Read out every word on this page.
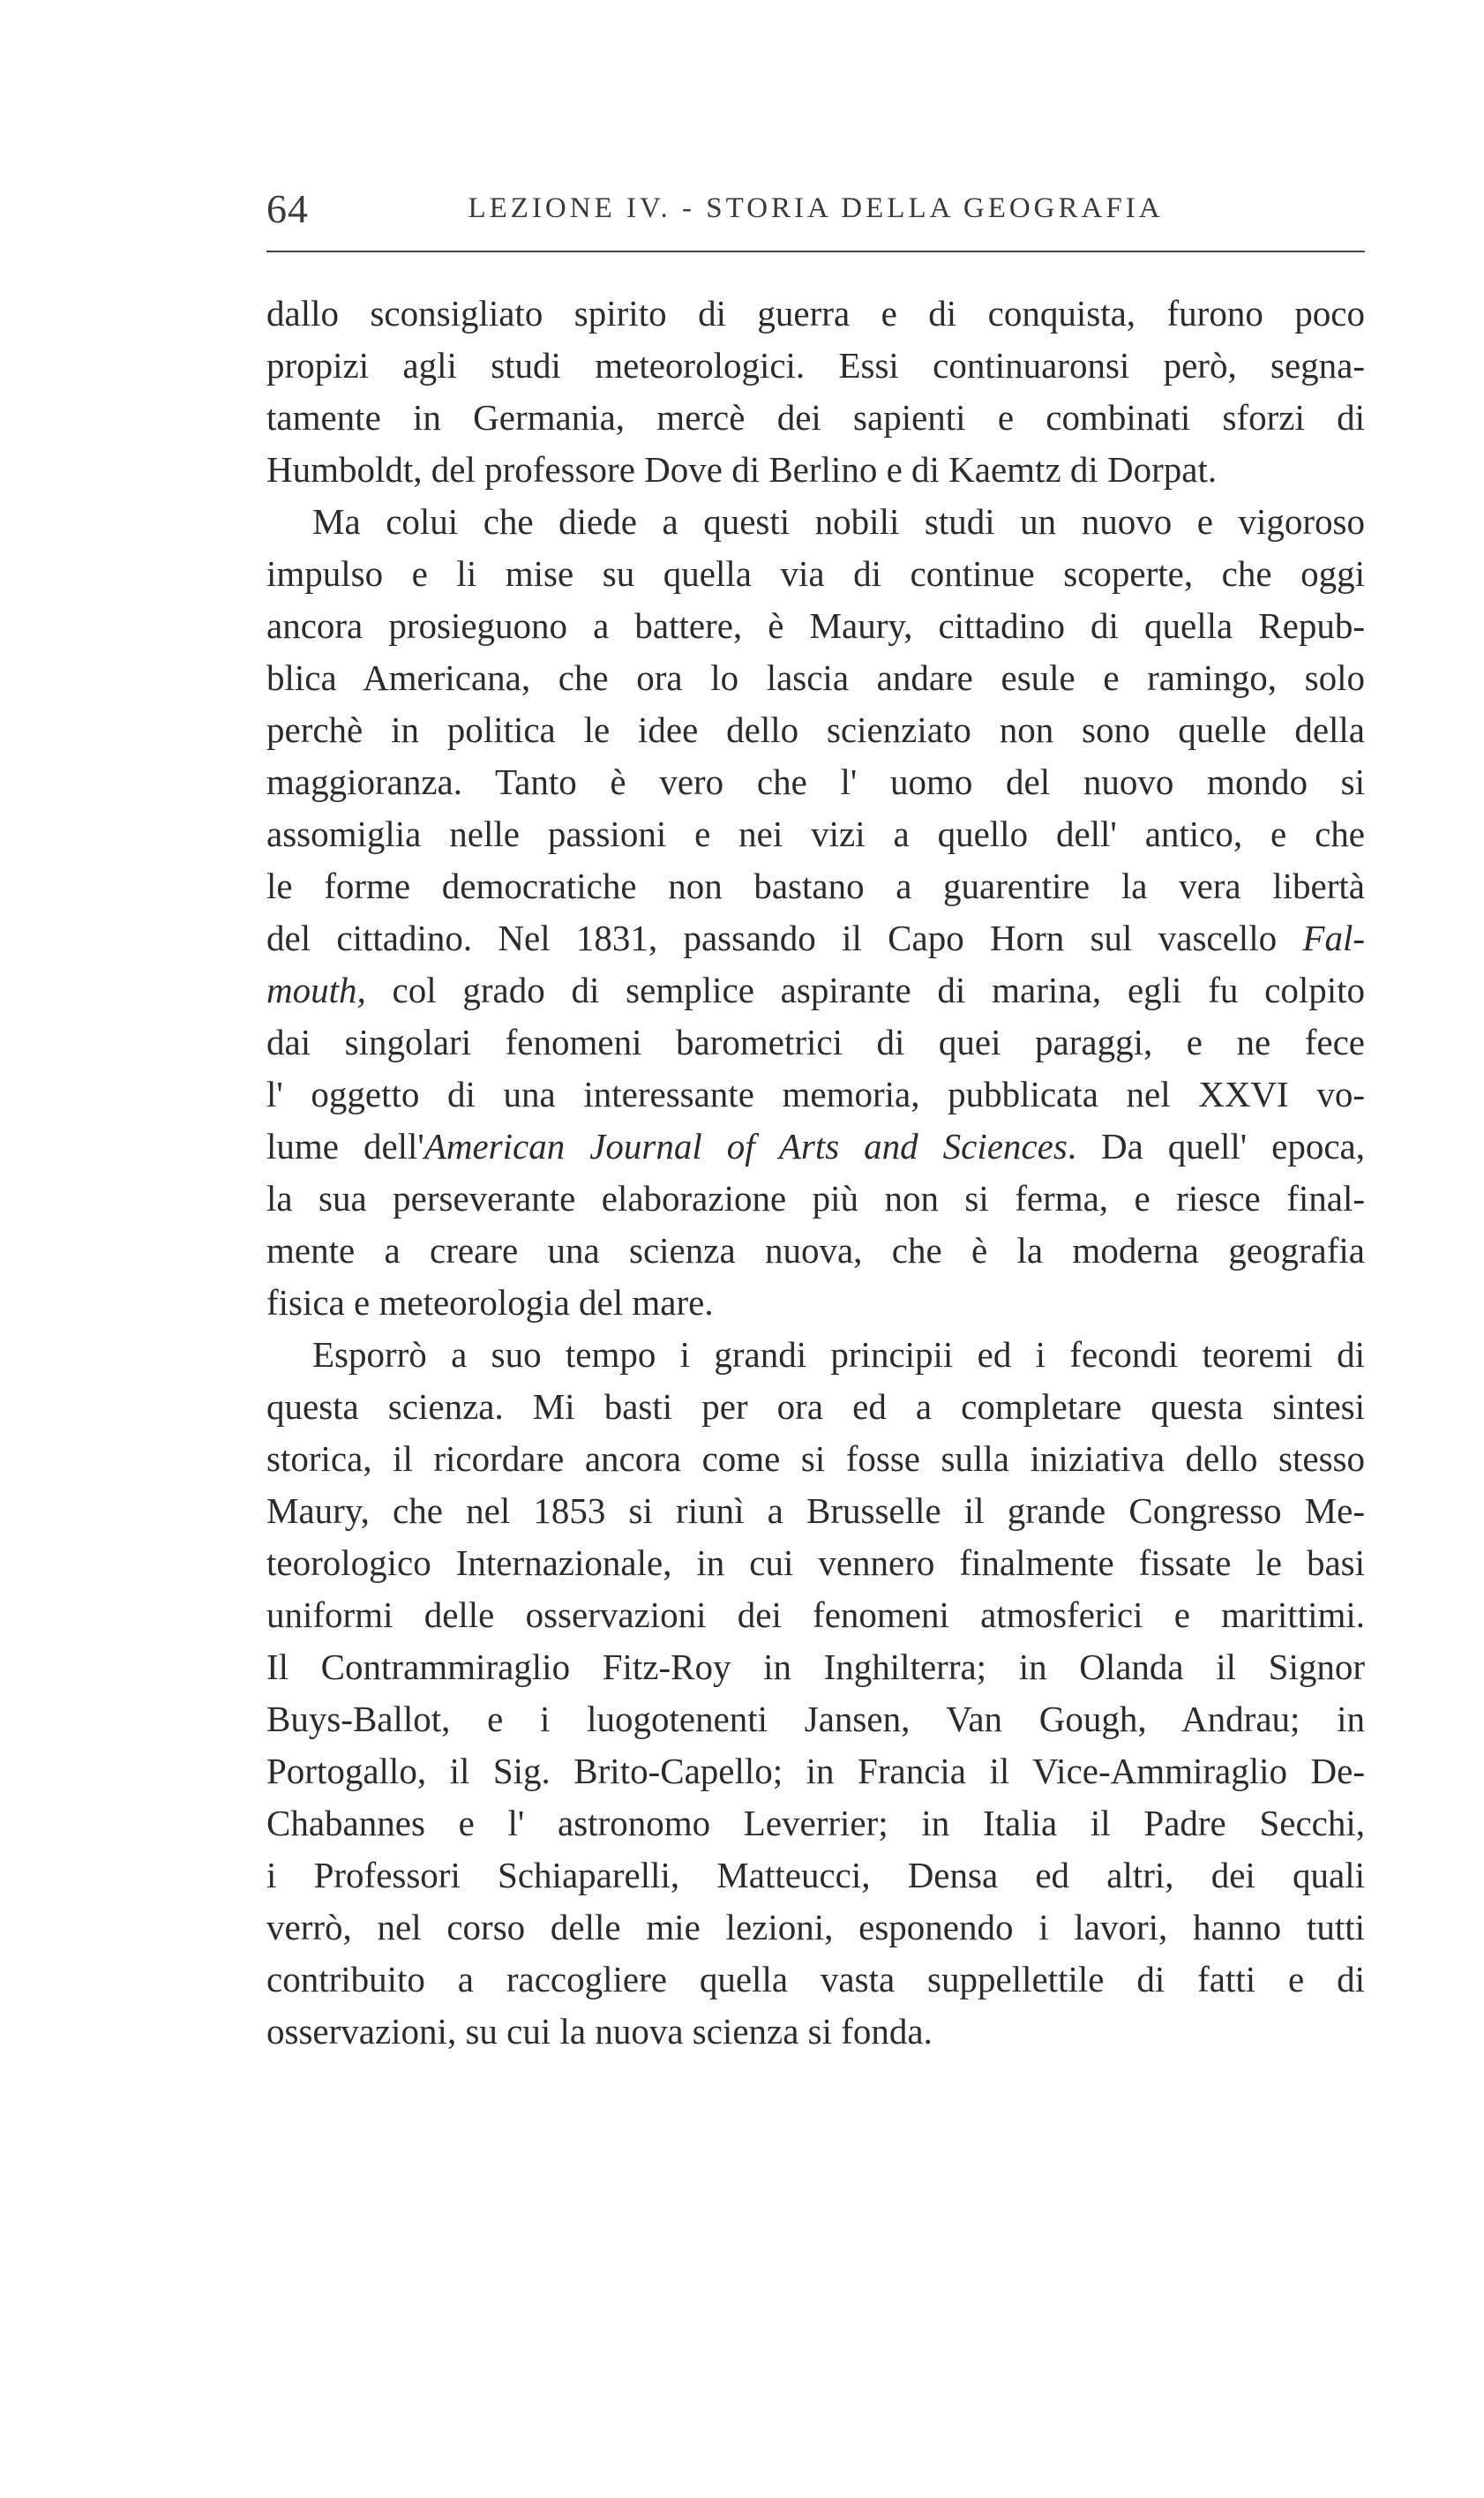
64	LEZIONE IV. - STORIA DELLA GEOGRAFIA

dallo sconsigliato spirito di guerra e di conquista, furono poco
propizi agli studi meteorologici. Essi continuaronsi però, segna-
tamente in Germania, mercè dei sapienti e combinati sforzi di
Humboldt, del professore Dove di Berlino e di Kaemtz di Dorpat.

Ma colui che diede a questi nobili studi un nuovo e vigoroso
impulso e li mise su quella via di continue scoperte, che oggi
ancora prosieguono a battere, è Maury, cittadino di quella Repub-
blica Americana, che ora lo lascia andare esule e ramingo, solo
perchè in politica le idee dello scienziato non sono quelle della
maggioranza. Tanto è vero che l' uomo del nuovo mondo si
assomiglia nelle passioni e nei vizi a quello dell' antico, e che
le forme democratiche non bastano a guarentire la vera libertà
del cittadino. Nel 1831, passando il Capo Horn sul vascello Fal-
mouth, col grado di semplice aspirante di marina, egli fu colpito
dai singolari fenomeni barometrici di quei paraggi, e ne fece
l' oggetto di una interessante memoria, pubblicata nel XXVI vo-
lume dell'American Journal of Arts and Sciences. Da quell' epoca,
la sua perseverante elaborazione più non si ferma, e riesce final-
mente a creare una scienza nuova, che è la moderna geografia
fisica e meteorologia del mare.

Esporrò a suo tempo i grandi principii ed i fecondi teoremi di
questa scienza. Mi basti per ora ed a completare questa sintesi
storica, il ricordare ancora come si fosse sulla iniziativa dello stesso
Maury, che nel 1853 si riunì a Brusselle il grande Congresso Me-
teorologico Internazionale, in cui vennero finalmente fissate le basi
uniformi delle osservazioni dei fenomeni atmosferici e marittimi.
Il Contrammiraglio Fitz-Roy in Inghilterra; in Olanda il Signor
Buys-Ballot, e i luogotenenti Jansen, Van Gough, Andrau; in
Portogallo, il Sig. Brito-Capello; in Francia il Vice-Ammiraglio De-
Chabannes e l' astronomo Leverrier; in Italia il Padre Secchi,
i Professori Schiaparelli, Matteucci, Densa ed altri, dei quali
verrò, nel corso delle mie lezioni, esponendo i lavori, hanno tutti
contribuito a raccogliere quella vasta suppellettile di fatti e di
osservazioni, su cui la nuova scienza si fonda.
